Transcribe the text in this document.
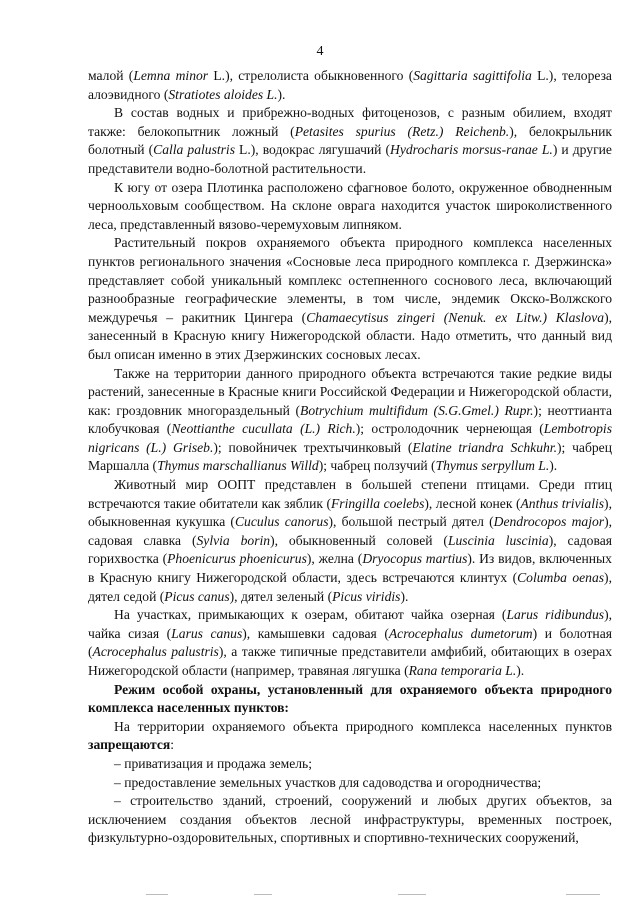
4

малой (Lemna minor L.), стрелолиста обыкновенного (Sagittaria sagittifolia L.), телореза алоэвидного (Stratiotes aloides L.).

В состав водных и прибрежно-водных фитоценозов, с разным обилием, входят также: белокопытник ложный (Petasites spurius (Retz.) Reichenb.), белокрыльник болотный (Calla palustris L.), водокрас лягушачий (Hydrocharis morsus-ranae L.) и другие представители водно-болотной растительности.

К югу от озера Плотинка расположено сфагновое болото, окруженное обводненным черноольховым сообществом. На склоне оврага находится участок широколиственного леса, представленный вязово-черемуховым липняком.

Растительный покров охраняемого объекта природного комплекса населенных пунктов регионального значения «Сосновые леса природного комплекса г. Дзержинска» представляет собой уникальный комплекс остепненного соснового леса, включающий разнообразные географические элементы, в том числе, эндемик Окско-Волжского междуречья – ракитник Цингера (Chamaecytisus zingeri (Nenuk. ex Litw.) Klaslova), занесенный в Красную книгу Нижегородской области. Надо отметить, что данный вид был описан именно в этих Дзержинских сосновых лесах.

Также на территории данного природного объекта встречаются такие редкие виды растений, занесенные в Красные книги Российской Федерации и Нижегородской области, как: гроздовник многораздельный (Botrychium multifidum (S.G.Gmel.) Rupr.); неоттианта клобучковая (Neottianthe cucullata (L.) Rich.); остролодочник чернеющая (Lembotropis nigricans (L.) Griseb.); повойничек трехтычинковый (Elatine triandra Schkuhr.); чабрец Маршалла (Thymus marschallianus Willd); чабрец ползучий (Thymus serpyllum L.).

Животный мир ООПТ представлен в большей степени птицами. Среди птиц встречаются такие обитатели как зяблик (Fringilla coelebs), лесной конек (Anthus trivialis), обыкновенная кукушка (Cuculus canorus), большой пестрый дятел (Dendrocopos major), садовая славка (Sylvia borin), обыкновенный соловей (Luscinia luscinia), садовая горихвостка (Phoenicurus phoenicurus), желна (Dryocopus martius). Из видов, включенных в Красную книгу Нижегородской области, здесь встречаются клинтух (Columba oenas), дятел седой (Picus canus), дятел зеленый (Picus viridis).

На участках, примыкающих к озерам, обитают чайка озерная (Larus ridibundus), чайка сизая (Larus canus), камышевки садовая (Acrocephalus dumetorum) и болотная (Acrocephalus palustris), а также типичные представители амфибий, обитающих в озерах Нижегородской области (например, травяная лягушка (Rana temporaria L.).

Режим особой охраны, установленный для охраняемого объекта природного комплекса населенных пунктов:

На территории охраняемого объекта природного комплекса населенных пунктов запрещаются:

– приватизация и продажа земель;

– предоставление земельных участков для садоводства и огородничества;

– строительство зданий, строений, сооружений и любых других объектов, за исключением создания объектов лесной инфраструктуры, временных построек, физкультурно-оздоровительных, спортивных и спортивно-технических сооружений,
